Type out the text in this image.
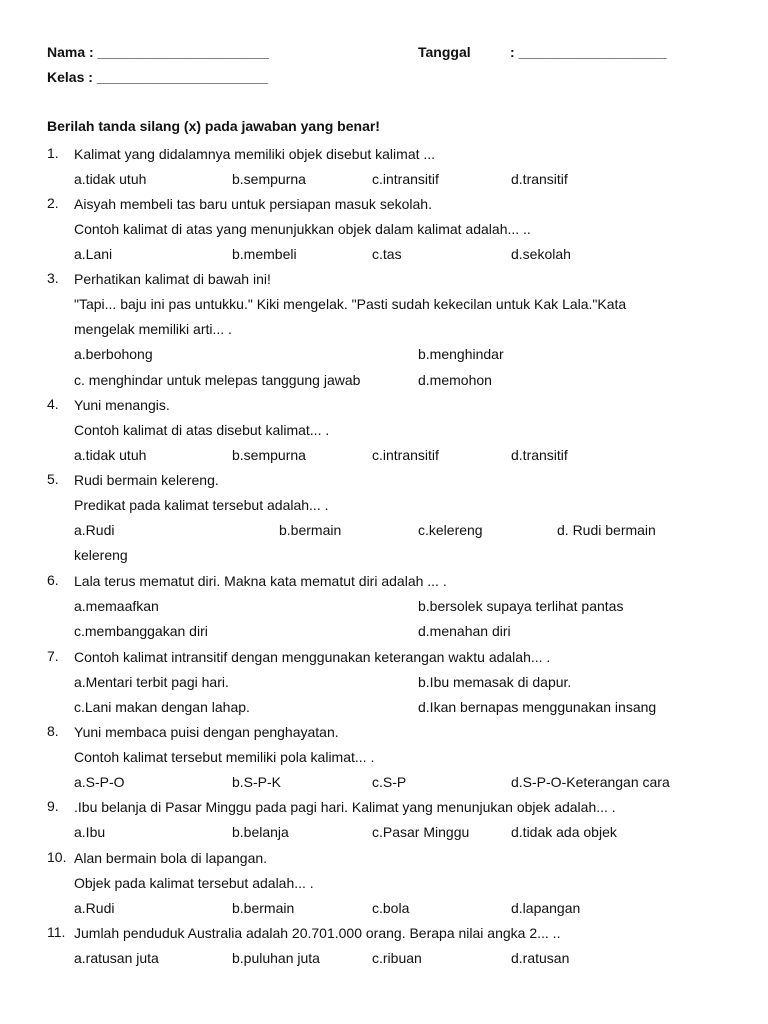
Nama : ______________________
Kelas : ______________________
Tanggal	: ___________________
Berilah tanda silang (x) pada jawaban yang benar!
1. Kalimat yang didalamnya memiliki objek disebut kalimat ...
a.tidak utuh	b.sempurna	c.intransitif	d.transitif
2. Aisyah membeli tas baru untuk persiapan masuk sekolah.
Contoh kalimat di atas yang menunjukkan objek dalam kalimat adalah... ..
a.Lani	b.membeli	c.tas	d.sekolah
3. Perhatikan kalimat di bawah ini!
"Tapi... baju ini pas untukku." Kiki mengelak. "Pasti sudah kekecilan untuk Kak Lala."Kata
mengelak memiliki arti... .
a.berbohong	b.menghindar
c. menghindar untuk melepas tanggung jawab	d.memohon
4. Yuni menangis.
Contoh kalimat di atas disebut kalimat... .
a.tidak utuh	b.sempurna	c.intransitif	d.transitif
5. Rudi bermain kelereng.
Predikat pada kalimat tersebut adalah... .
a.Rudi	b.bermain	c.kelereng	d. Rudi bermain
kelereng
6. Lala terus mematut diri. Makna kata mematut diri adalah ... .
a.memaafkan	b.bersolek supaya terlihat pantas
c.membanggakan diri	d.menahan diri
7. Contoh kalimat intransitif dengan menggunakan keterangan waktu adalah... .
a.Mentari terbit pagi hari.	b.Ibu memasak di dapur.
c.Lani makan dengan lahap.	d.Ikan bernapas menggunakan insang
8. Yuni membaca puisi dengan penghayatan.
Contoh kalimat tersebut memiliki pola kalimat... .
a.S-P-O	b.S-P-K	c.S-P	d.S-P-O-Keterangan cara
9. .Ibu belanja di Pasar Minggu pada pagi hari. Kalimat yang menunjukan objek adalah... .
a.Ibu	b.belanja	c.Pasar Minggu	d.tidak ada objek
10. Alan bermain bola di lapangan.
Objek pada kalimat tersebut adalah... .
a.Rudi	b.bermain	c.bola	d.lapangan
11. Jumlah penduduk Australia adalah 20.701.000 orang. Berapa nilai angka 2... ..
a.ratusan juta	b.puluhan juta	c.ribuan	d.ratusan
